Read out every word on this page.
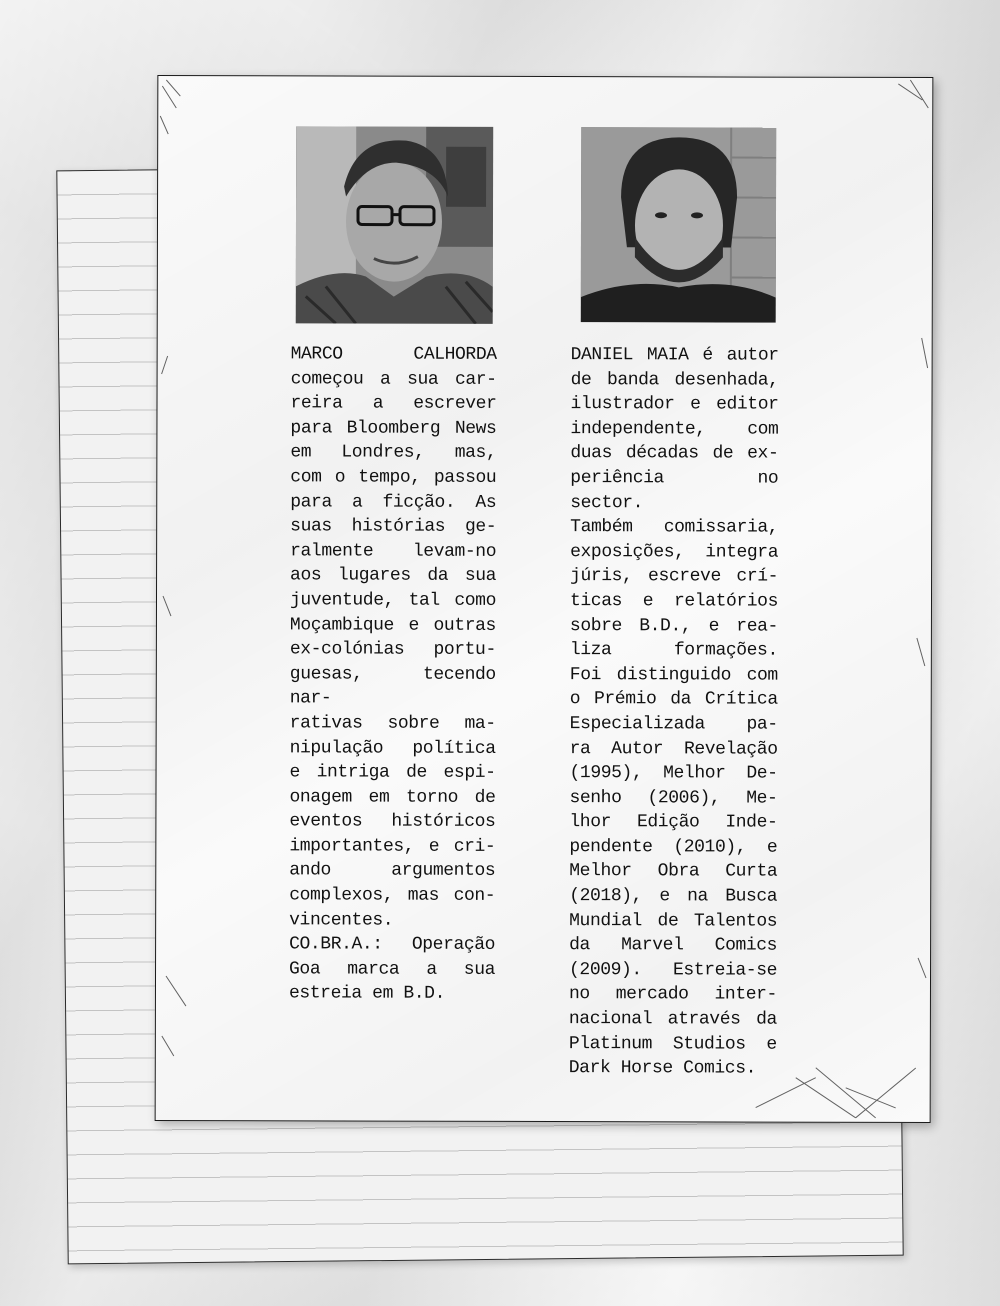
MARCO CALHORDA
começou a sua car-
reira a escrever
para Bloomberg News
em Londres, mas,
com o tempo, passou
para a ficção. As
suas histórias ge-
ralmente levam-no
aos lugares da sua
juventude, tal como
Moçambique e outras
ex-colónias portu-
guesas, tecendo nar-
rativas sobre ma-
nipulação política
e intriga de espi-
onagem em torno de
eventos históricos
importantes, e cri-
ando argumentos
complexos, mas con-
vincentes.
CO.BR.A.: Operação
Goa marca a sua
estreia em B.D.
DANIEL MAIA é autor
de banda desenhada,
ilustrador e editor
independente, com
duas décadas de ex-
periência no sector.
Também comissaria,
exposições, integra
júris, escreve crí-
ticas e relatórios
sobre B.D., e rea-
liza formações.
Foi distinguido com
o Prémio da Crítica
Especializada pa-
ra Autor Revelação
(1995), Melhor De-
senho (2006), Me-
lhor Edição Inde-
pendente (2010), e
Melhor Obra Curta
(2018), e na Busca
Mundial de Talentos
da Marvel Comics
(2009). Estreia-se
no mercado inter-
nacional através da
Platinum Studios e
Dark Horse Comics.
